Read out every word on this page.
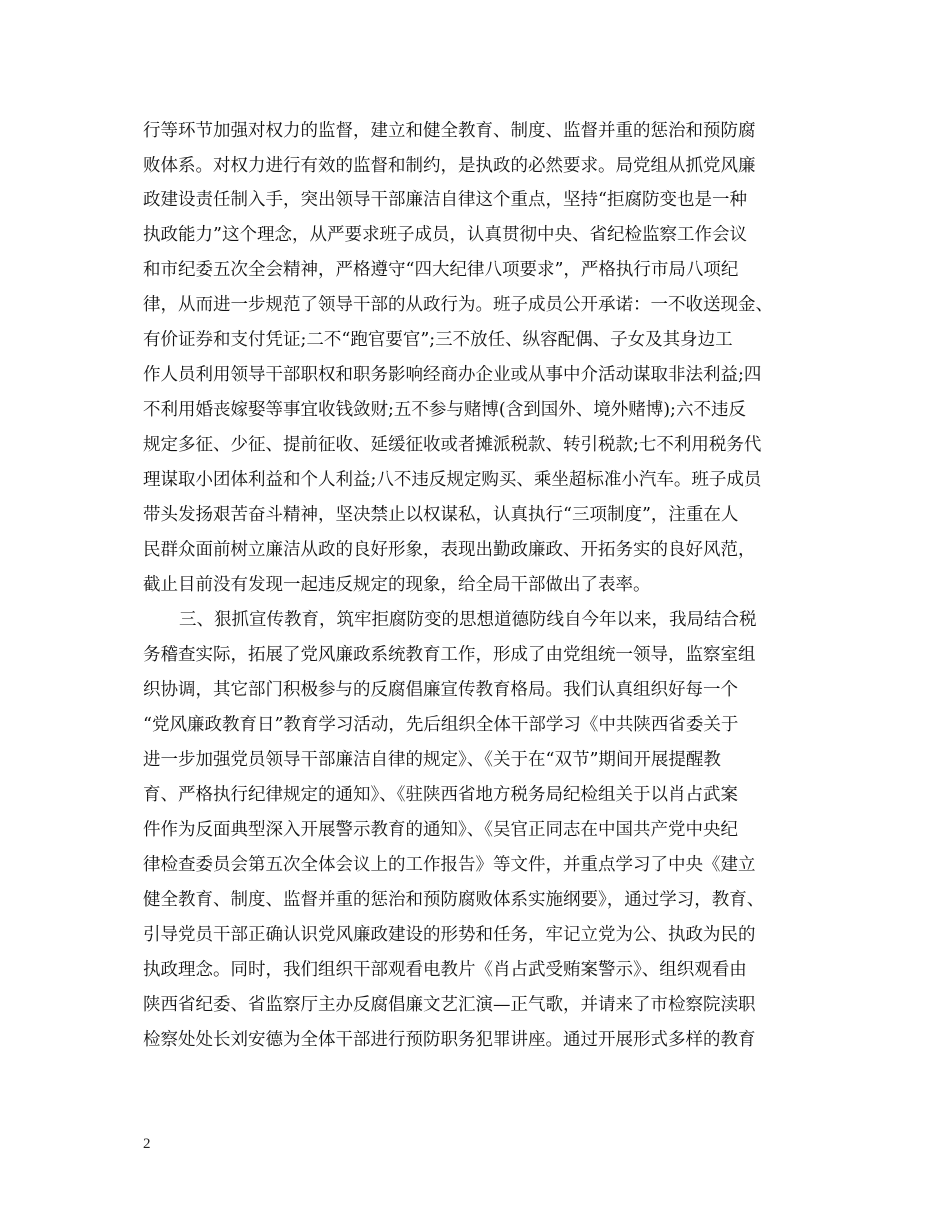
行等环节加强对权力的监督，建立和健全教育、制度、监督并重的惩治和预防腐
败体系。对权力进行有效的监督和制约，是执政的必然要求。局党组从抓党风廉
政建设责任制入手，突出领导干部廉洁自律这个重点，坚持“拒腐防变也是一种
执政能力”这个理念，从严要求班子成员，认真贯彻中央、省纪检监察工作会议
和市纪委五次全会精神，严格遵守“四大纪律八项要求”，严格执行市局八项纪
律，从而进一步规范了领导干部的从政行为。班子成员公开承诺：一不收送现金、
有价证券和支付凭证;二不“跑官要官”;三不放任、纵容配偶、子女及其身边工
作人员利用领导干部职权和职务影响经商办企业或从事中介活动谋取非法利益;四
不利用婚丧嫁娶等事宜收钱敛财;五不参与赌博(含到国外、境外赌博);六不违反
规定多征、少征、提前征收、延缓征收或者摊派税款、转引税款;七不利用税务代
理谋取小团体利益和个人利益;八不违反规定购买、乘坐超标准小汽车。班子成员
带头发扬艰苦奋斗精神，坚决禁止以权谋私，认真执行“三项制度”，注重在人
民群众面前树立廉洁从政的良好形象，表现出勤政廉政、开拓务实的良好风范，
截止目前没有发现一起违反规定的现象，给全局干部做出了表率。
三、狠抓宣传教育，筑牢拒腐防变的思想道德防线自今年以来，我局结合税
务稽查实际，拓展了党风廉政系统教育工作，形成了由党组统一领导，监察室组
织协调，其它部门积极参与的反腐倡廉宣传教育格局。我们认真组织好每一个
“党风廉政教育日”教育学习活动，先后组织全体干部学习《中共陕西省委关于
进一步加强党员领导干部廉洁自律的规定》、《关于在“双节”期间开展提醒教
育、严格执行纪律规定的通知》、《驻陕西省地方税务局纪检组关于以肖占武案
件作为反面典型深入开展警示教育的通知》、《吴官正同志在中国共产党中央纪
律检查委员会第五次全体会议上的工作报告》等文件，并重点学习了中央《建立
健全教育、制度、监督并重的惩治和预防腐败体系实施纲要》，通过学习，教育、
引导党员干部正确认识党风廉政建设的形势和任务，牢记立党为公、执政为民的
执政理念。同时，我们组织干部观看电教片《肖占武受贿案警示》、组织观看由
陕西省纪委、省监察厅主办反腐倡廉文艺汇演—正气歌，并请来了市检察院渎职
检察处处长刘安德为全体干部进行预防职务犯罪讲座。通过开展形式多样的教育
2
